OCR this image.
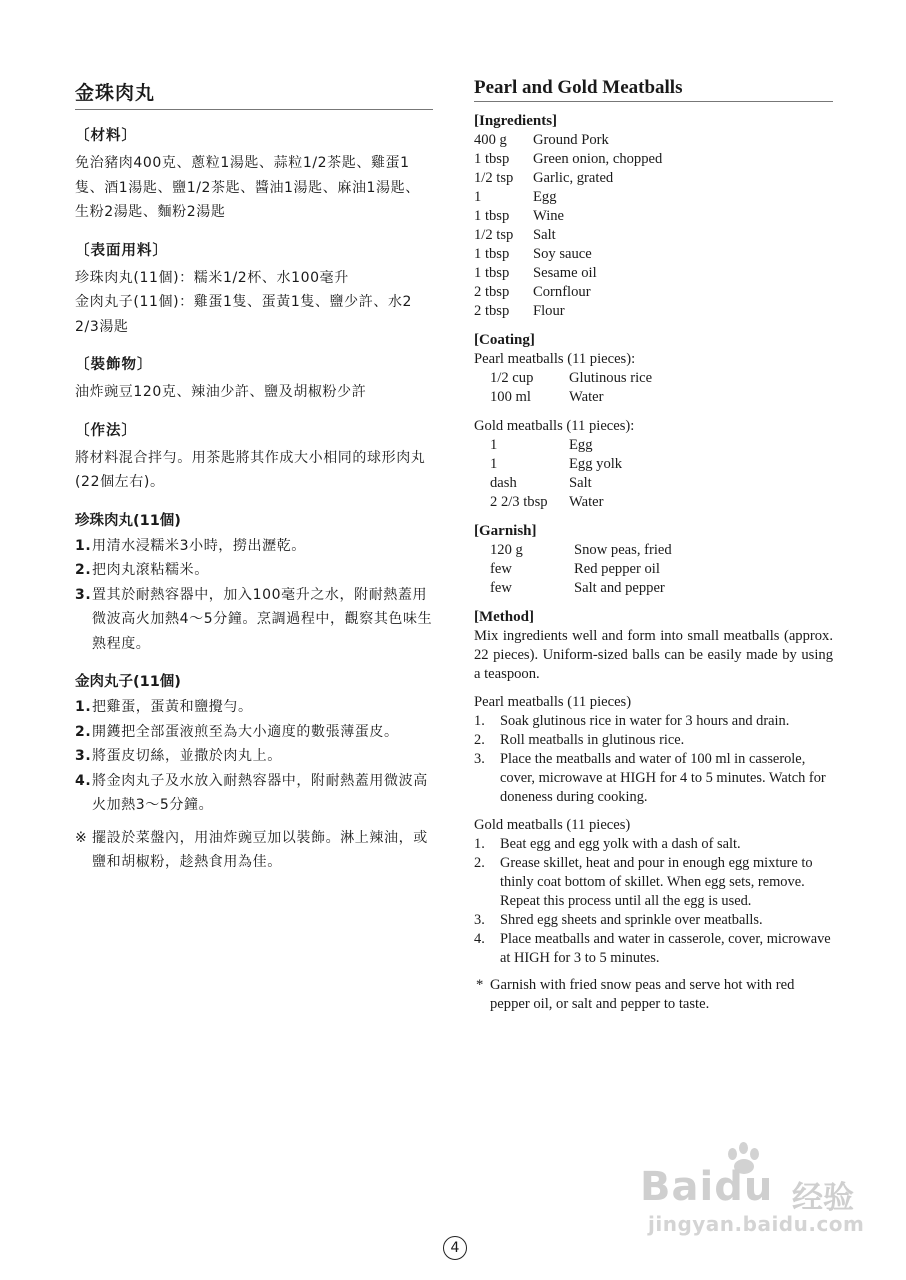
金珠肉丸
〔材料〕

免治豬肉400克、蔥粒1湯匙、蒜粒1/2茶匙、雞蛋1隻、酒1湯匙、鹽1/2茶匙、醬油1湯匙、麻油1湯匙、生粉2湯匙、麵粉2湯匙

〔表面用料〕

珍珠肉丸(11個)：糯米1/2杯、水100毫升

金肉丸子(11個)：雞蛋1隻、蛋黃1隻、鹽少許、水2 2/3湯匙

〔裝飾物〕

油炸豌豆120克、辣油少許、鹽及胡椒粉少許

〔作法〕

將材料混合拌勻。用茶匙將其作成大小相同的球形肉丸(22個左右)。

珍珠肉丸(11個)
1. 用清水浸糯米3小時，撈出瀝乾。
2. 把肉丸滾粘糯米。
3. 置其於耐熱容器中，加入100毫升之水，附耐熱蓋用微波高火加熱4～5分鐘。烹調過程中，觀察其色味生熟程度。
金肉丸子(11個)
1. 把雞蛋，蛋黃和鹽攪勻。
2. 開鑊把全部蛋液煎至為大小適度的數張薄蛋皮。
3. 將蛋皮切絲，並撒於肉丸上。
4. 將金肉丸子及水放入耐熱容器中，附耐熱蓋用微波高火加熱3～5分鐘。
※ 擺設於菜盤內，用油炸豌豆加以裝飾。淋上辣油，或鹽和胡椒粉，趁熱食用為佳。
Pearl and Gold Meatballs
[Ingredients]
400 g	Ground Pork
1 tbsp	Green onion, chopped
1/2 tsp	Garlic, grated
1	Egg
1 tbsp	Wine
1/2 tsp	Salt
1 tbsp	Soy sauce
1 tbsp	Sesame oil
2 tbsp	Cornflour
2 tbsp	Flour
[Coating]
Pearl meatballs (11 pieces):
1/2 cup	Glutinous rice
100 ml	Water
Gold meatballs (11 pieces):
1	Egg
1	Egg yolk
dash	Salt
2 2/3 tbsp	Water
[Garnish]
120 g	Snow peas, fried
few	Red pepper oil
few	Salt and pepper
[Method]

Mix ingredients well and form into small meatballs (approx. 22 pieces). Uniform-sized balls can be easily made by using a teaspoon.

Pearl meatballs (11 pieces)
1. Soak glutinous rice in water for 3 hours and drain.
2. Roll meatballs in glutinous rice.
3. Place the meatballs and water of 100 ml in casserole, cover, microwave at HIGH for 4 to 5 minutes. Watch for doneness during cooking.
Gold meatballs (11 pieces)
1. Beat egg and egg yolk with a dash of salt.
2. Grease skillet, heat and pour in enough egg mixture to thinly coat bottom of skillet. When egg sets, remove. Repeat this process until all the egg is used.
3. Shred egg sheets and sprinkle over meatballs.
4. Place meatballs and water in casserole, cover, microwave at HIGH for 3 to 5 minutes.
* Garnish with fried snow peas and serve hot with red pepper oil, or salt and pepper to taste.
Baidu 经验
jingyan.baidu.com
4
